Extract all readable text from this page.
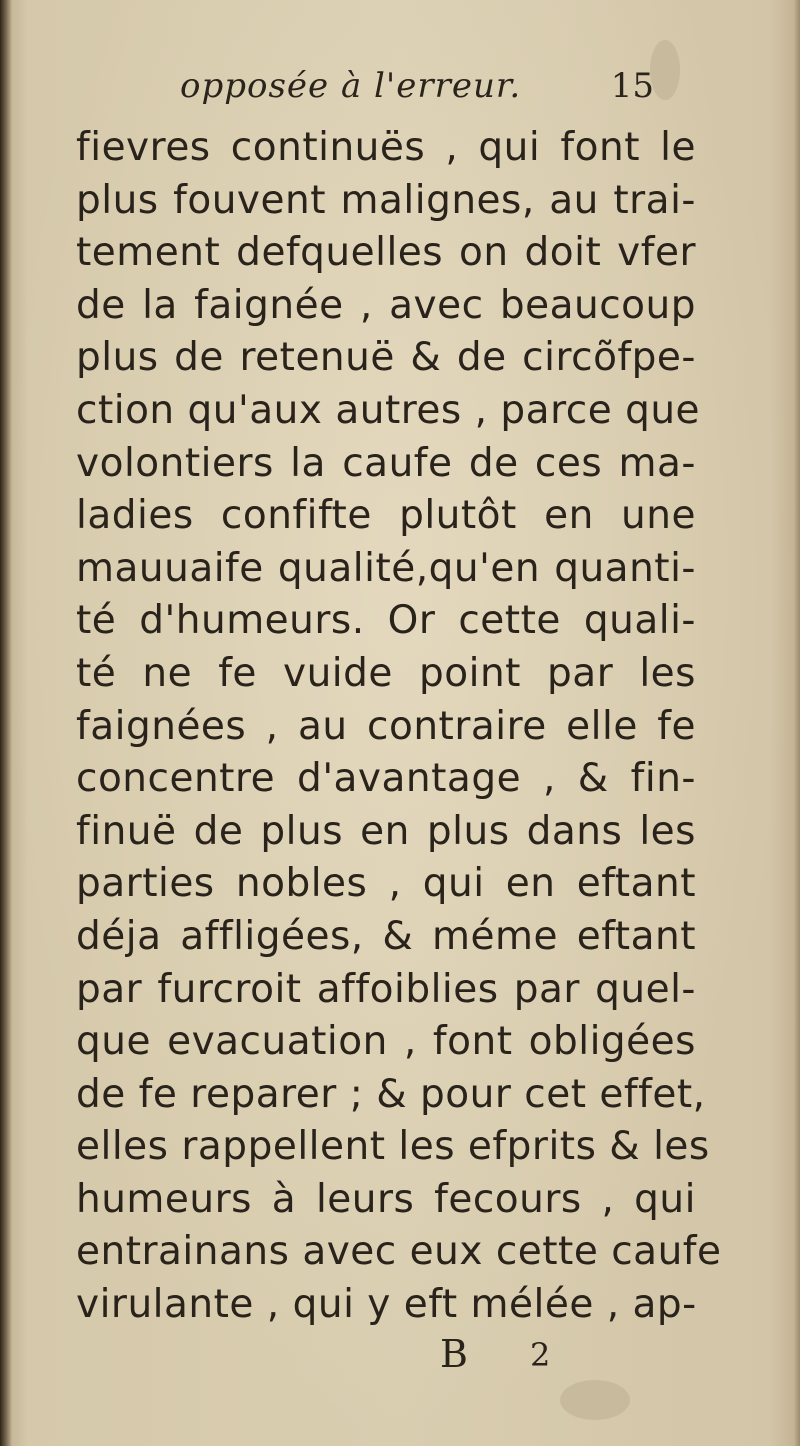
opposée à l'erreur.	15
fievres continuës , qui font le
plus fouvent malignes, au trai-
tement defquelles on doit vfer
de la faignée , avec beaucoup
plus de retenuë & de circõfpe-
ction qu'aux autres , parce que
volontiers la caufe de ces ma-
ladies confifte plutôt en une
mauuaife qualité,qu'en quanti-
té d'humeurs. Or cette quali-
té ne fe vuide point par les
faignées , au contraire elle fe
concentre d'avantage , & fin-
finuë de plus en plus dans les
parties nobles , qui en eftant
déja affligées, & méme eftant
par furcroit affoiblies par quel-
que evacuation , font obligées
de fe reparer ; & pour cet effet,
elles rappellent les efprits & les
humeurs à leurs fecours , qui
entrainans avec eux cette caufe
virulante , qui y eft mélée , ap-
B 2
